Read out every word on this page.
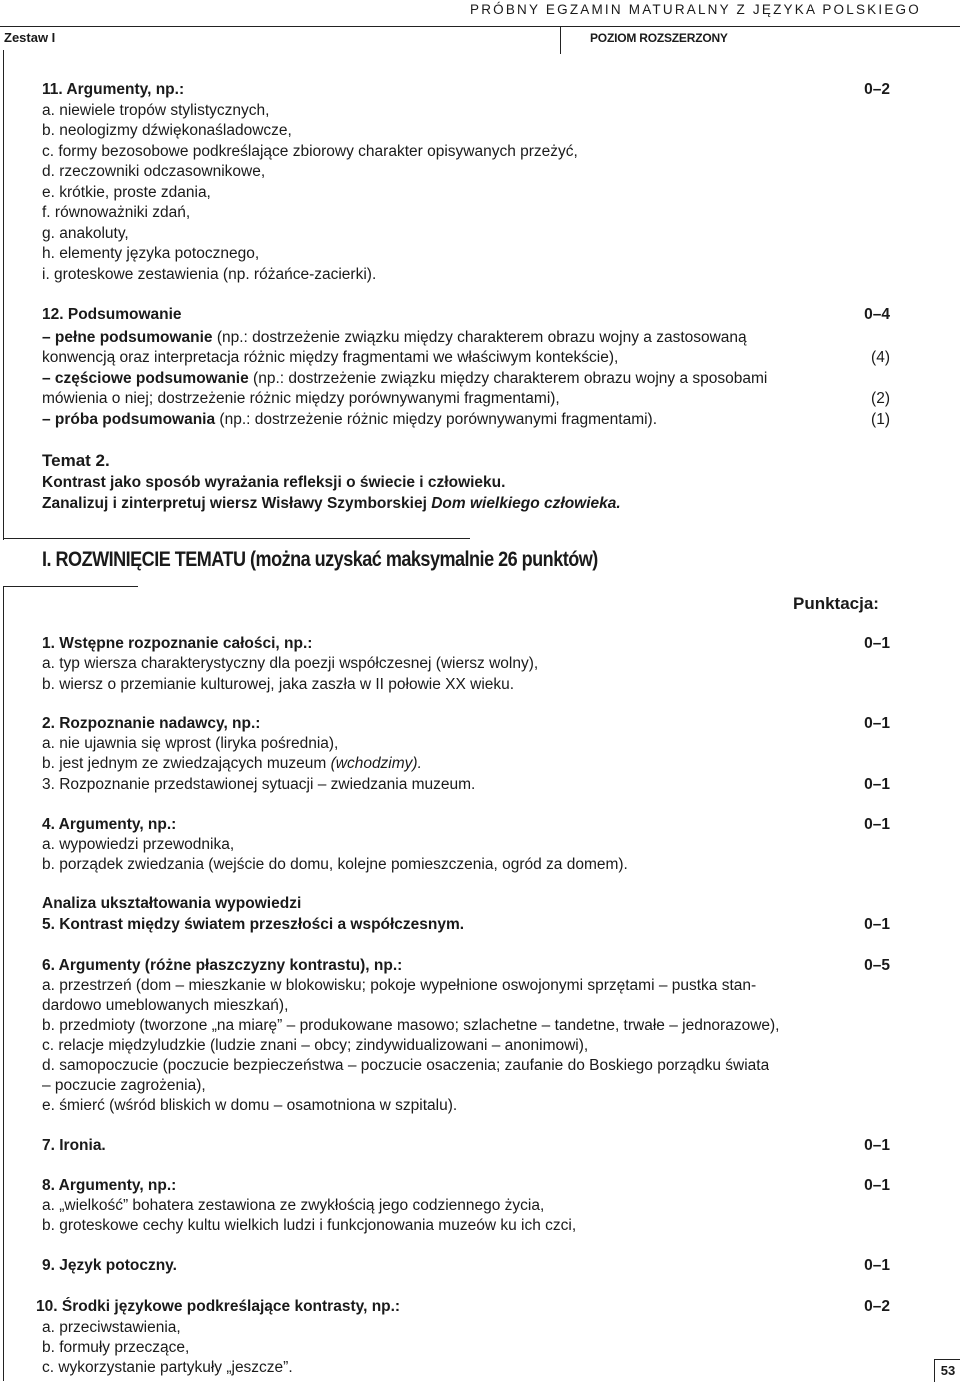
PRÓBNY EGZAMIN MATURALNY Z JĘZYKA POLSKIEGO
Zestaw I	POZIOM ROZSZERZONY
11. Argumenty, np.:	0–2
a. niewiele tropów stylistycznych,
b. neologizmy dźwiękonaśladowcze,
c. formy bezosobowe podkreślające zbiorowy charakter opisywanych przeżyć,
d. rzeczowniki odczasownikowe,
e. krótkie, proste zdania,
f. równoważniki zdań,
g. anakoluty,
h. elementy języka potocznego,
i. groteskowe zestawienia (np. różańce-zacierki).
12. Podsumowanie	0–4
– pełne podsumowanie (np.: dostrzeżenie związku między charakterem obrazu wojny a zastosowaną
konwencją oraz interpretacja różnic między fragmentami we właściwym kontekście),	(4)
– częściowe podsumowanie (np.: dostrzeżenie związku między charakterem obrazu wojny a sposobami
mówienia o niej; dostrzeżenie różnic między porównywanymi fragmentami),	(2)
– próba podsumowania (np.: dostrzeżenie różnic między porównywanymi fragmentami).	(1)
Temat 2.
Kontrast jako sposób wyrażania refleksji o świecie i człowieku.
Zanalizuj i zinterpretuj wiersz Wisławy Szymborskiej Dom wielkiego człowieka.
I. ROZWINIĘCIE TEMATU (można uzyskać maksymalnie 26 punktów)
Punktacja:
1. Wstępne rozpoznanie całości, np.:	0–1
a. typ wiersza charakterystyczny dla poezji współczesnej (wiersz wolny),
b. wiersz o przemianie kulturowej, jaka zaszła w II połowie XX wieku.
2. Rozpoznanie nadawcy, np.:	0–1
a. nie ujawnia się wprost (liryka pośrednia),
b. jest jednym ze zwiedzających muzeum (wchodzimy).
3. Rozpoznanie przedstawionej sytuacji – zwiedzania muzeum.	0–1
4. Argumenty, np.:	0–1
a. wypowiedzi przewodnika,
b. porządek zwiedzania (wejście do domu, kolejne pomieszczenia, ogród za domem).
Analiza ukształtowania wypowiedzi
5. Kontrast między światem przeszłości a współczesnym.	0–1
6. Argumenty (różne płaszczyzny kontrastu), np.:	0–5
a. przestrzeń (dom – mieszkanie w blokowisku; pokoje wypełnione oswojonymi sprzętami – pustka stan-
dardowo umeblowanych mieszkań),
b. przedmioty (tworzone „na miarę” – produkowane masowo; szlachetne – tandetne, trwałe – jednorazowe),
c. relacje międzyludzkie (ludzie znani – obcy; zindywidualizowani – anonimowi),
d. samopoczucie (poczucie bezpieczeństwa – poczucie osaczenia; zaufanie do Boskiego porządku świata
– poczucie zagrożenia),
e. śmierć (wśród bliskich w domu – osamotniona w szpitalu).
7. Ironia.	0–1
8. Argumenty, np.:	0–1
a. „wielkość” bohatera zestawiona ze zwykłością jego codziennego życia,
b. groteskowe cechy kultu wielkich ludzi i funkcjonowania muzeów ku ich czci,
9. Język potoczny.	0–1
10. Środki językowe podkreślające kontrasty, np.:	0–2
a. przeciwstawienia,
b. formuły przeczące,
c. wykorzystanie partykuły „jeszcze”.	53
